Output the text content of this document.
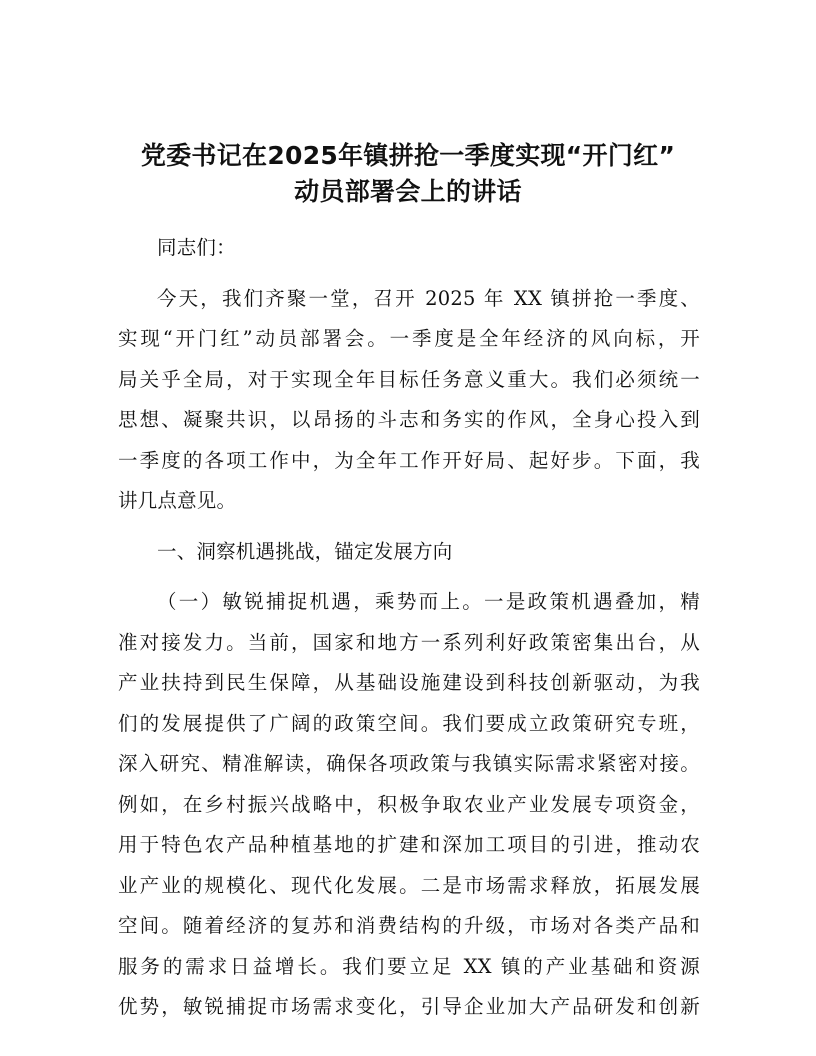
党委书记在2025年镇拼抢一季度实现“开门红”
动员部署会上的讲话
同志们：
今天，我们齐聚一堂，召开 2025 年 XX 镇拼抢一季度、
实现“开门红”动员部署会。一季度是全年经济的风向标，开
局关乎全局，对于实现全年目标任务意义重大。我们必须统一
思想、凝聚共识，以昂扬的斗志和务实的作风，全身心投入到
一季度的各项工作中，为全年工作开好局、起好步。下面，我
讲几点意见。
一、洞察机遇挑战，锚定发展方向
（一）敏锐捕捉机遇，乘势而上。一是政策机遇叠加，精
准对接发力。当前，国家和地方一系列利好政策密集出台，从
产业扶持到民生保障，从基础设施建设到科技创新驱动，为我
们的发展提供了广阔的政策空间。我们要成立政策研究专班，
深入研究、精准解读，确保各项政策与我镇实际需求紧密对接。
例如，在乡村振兴战略中，积极争取农业产业发展专项资金，
用于特色农产品种植基地的扩建和深加工项目的引进，推动农
业产业的规模化、现代化发展。二是市场需求释放，拓展发展
空间。随着经济的复苏和消费结构的升级，市场对各类产品和
服务的需求日益增长。我们要立足 XX 镇的产业基础和资源
优势，敏锐捕捉市场需求变化，引导企业加大产品研发和创新
